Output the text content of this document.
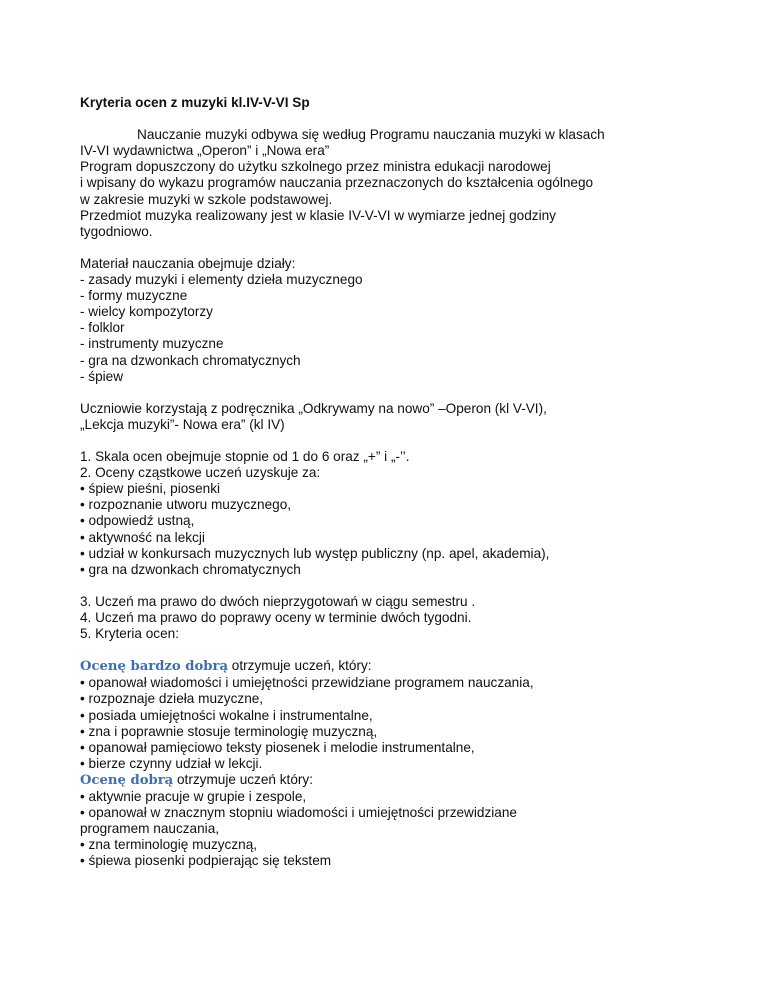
Kryteria ocen z muzyki kl.IV-V-VI Sp
Nauczanie muzyki odbywa się według Programu nauczania muzyki w klasach
IV-VI wydawnictwa „Operon” i „Nowa era”
Program dopuszczony do użytku szkolnego przez ministra edukacji narodowej
i wpisany do wykazu programów nauczania przeznaczonych do kształcenia ogólnego
w zakresie muzyki w szkole podstawowej.
Przedmiot muzyka realizowany jest w klasie IV-V-VI w wymiarze jednej godziny
tygodniowo.
Materiał nauczania obejmuje działy:
- zasady muzyki i elementy dzieła muzycznego
- formy muzyczne
- wielcy kompozytorzy
- folklor
- instrumenty muzyczne
- gra na dzwonkach chromatycznych
- śpiew
Uczniowie korzystają z podręcznika „Odkrywamy na nowo” –Operon (kl V-VI),
„Lekcja muzyki”- Nowa era” (kl IV)
1. Skala ocen obejmuje stopnie od 1 do 6 oraz „+” i „-’’.
2. Oceny cząstkowe uczeń uzyskuje za:
• śpiew pieśni, piosenki
• rozpoznanie utworu muzycznego,
• odpowiedź ustną,
• aktywność na lekcji
• udział w konkursach muzycznych lub występ publiczny (np. apel, akademia),
• gra na dzwonkach chromatycznych
3. Uczeń ma prawo do dwóch nieprzygotowań w ciągu semestru .
4. Uczeń ma prawo do poprawy oceny w terminie dwóch tygodni.
5. Kryteria ocen:
Ocenę bardzo dobrą otrzymuje uczeń, który:
• opanował wiadomości i umiejętności przewidziane programem nauczania,
• rozpoznaje dzieła muzyczne,
• posiada umiejętności wokalne i instrumentalne,
• zna i poprawnie stosuje terminologię muzyczną,
• opanował pamięciowo teksty piosenek i melodie instrumentalne,
• bierze czynny udział w lekcji.
Ocenę dobrą otrzymuje uczeń który:
• aktywnie pracuje w grupie i zespole,
• opanował w znacznym stopniu wiadomości i umiejętności przewidziane
programem nauczania,
• zna terminologię muzyczną,
• śpiewa piosenki podpierając się tekstem
